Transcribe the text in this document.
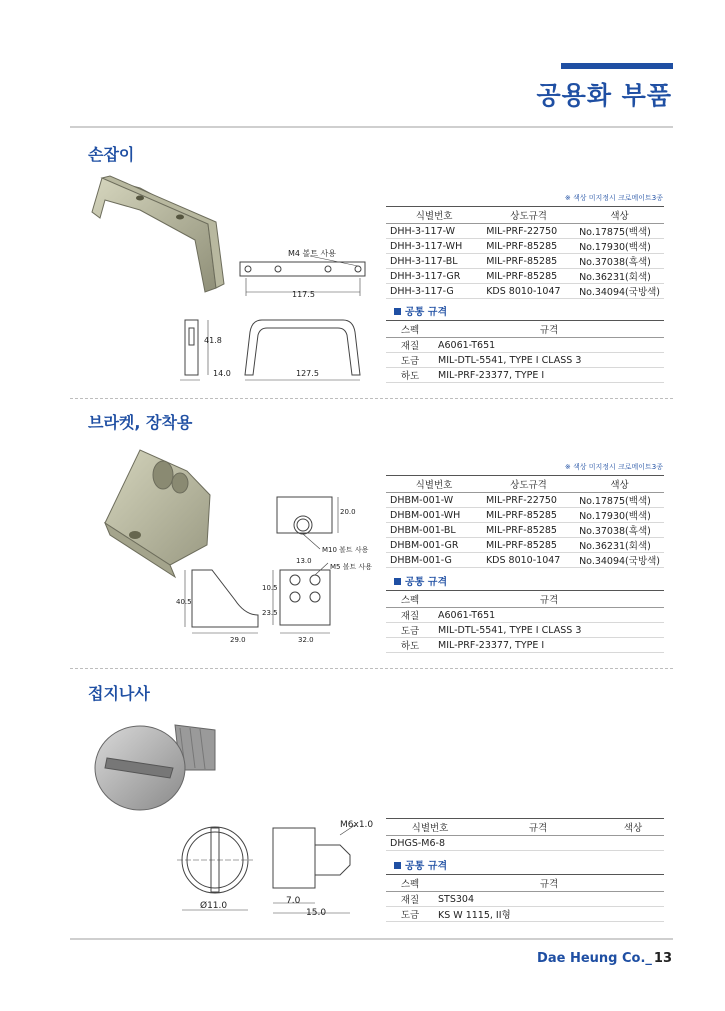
공용화 부품
손잡이
M4 볼트 사용
117.5
41.8
14.0	127.5
※ 색상 미지정시 크로메이트3종
식별번호	상도규격	색상
DHH-3-117-W	MIL-PRF-22750	No.17875(백색)
DHH-3-117-WH	MIL-PRF-85285	No.17930(백색)
DHH-3-117-BL	MIL-PRF-85285	No.37038(흑색)
DHH-3-117-GR	MIL-PRF-85285	No.36231(회색)
DHH-3-117-G	KDS 8010-1047	No.34094(국방색)
공통 규격
스펙	규격
재질	A6061-T651
도금	MIL-DTL-5541, TYPE I CLASS 3
하도	MIL-PRF-23377, TYPE I
브라켓, 장착용
20.0
M10 볼트 사용
13.0
M5 볼트 사용
10.5
40.5
23.5
29.0	32.0
※ 색상 미지정시 크로메이트3종
식별번호	상도규격	색상
DHBM-001-W	MIL-PRF-22750	No.17875(백색)
DHBM-001-WH	MIL-PRF-85285	No.17930(백색)
DHBM-001-BL	MIL-PRF-85285	No.37038(흑색)
DHBM-001-GR	MIL-PRF-85285	No.36231(회색)
DHBM-001-G	KDS 8010-1047	No.34094(국방색)
공통 규격
스펙	규격
재질	A6061-T651
도금	MIL-DTL-5541, TYPE I CLASS 3
하도	MIL-PRF-23377, TYPE I
접지나사
M6x1.0
Ø11.0	7.0
15.0
식별번호	규격	색상
DHGS-M6-8		
공통 규격
스펙	규격
재질	STS304
도금	KS W 1115, II형
Dae Heung Co._ 13
